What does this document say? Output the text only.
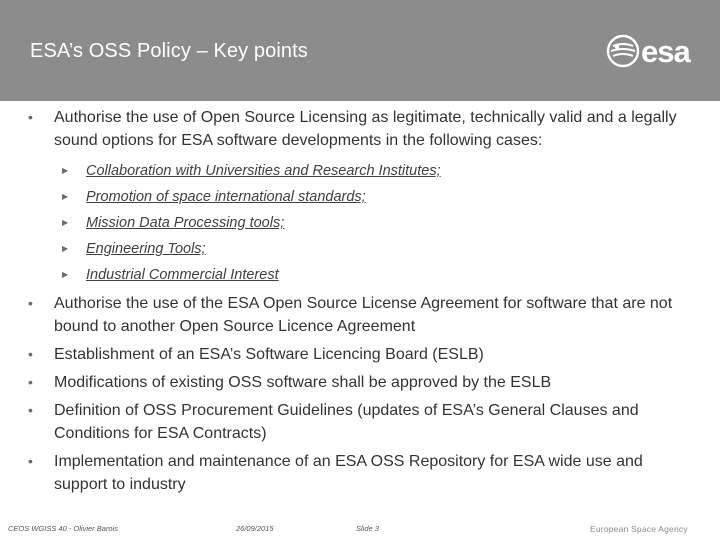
ESA’s OSS Policy – Key points	esa
• Authorise the use of Open Source Licensing as legitimate, technically valid and a legally sound options for ESA software developments in the following cases:
▶ Collaboration with Universities and Research Institutes;
▶ Promotion of space international standards;
▶ Mission Data Processing tools;
▶ Engineering Tools;
▶ Industrial Commercial Interest
• Authorise the use of the ESA Open Source License Agreement for software that are not bound to another Open Source Licence Agreement
• Establishment of an ESA’s Software Licencing Board (ESLB)
• Modifications of existing OSS software shall be approved by the ESLB
• Definition of OSS Procurement Guidelines (updates of ESA’s General Clauses and Conditions for ESA Contracts)
• Implementation and maintenance of an ESA OSS Repository for ESA wide use and support to industry
CEOS WGISS 40 - Olivier Barois	26/09/2015	Slide 3	European Space Agency
